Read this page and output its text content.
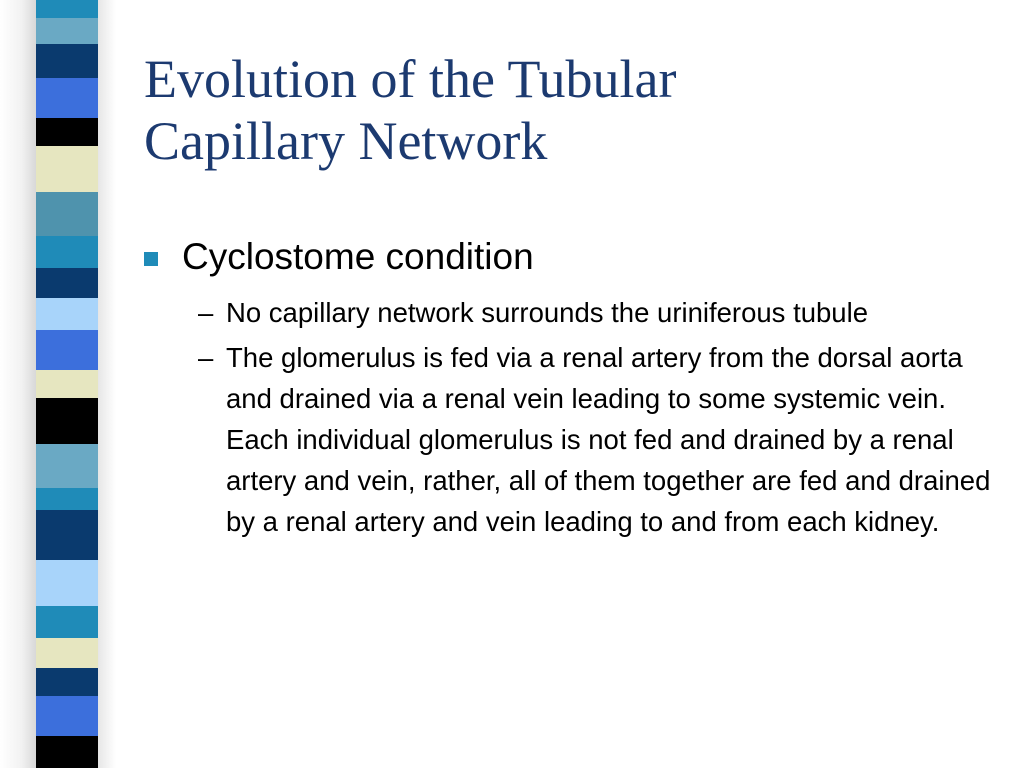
Evolution of the Tubular
Capillary Network
Cyclostome condition
– No capillary network surrounds the uriniferous tubule
– The glomerulus is fed via a renal artery from the dorsal aorta and drained via a renal vein leading to some systemic vein. Each individual glomerulus is not fed and drained by a renal artery and vein, rather, all of them together are fed and drained by a renal artery and vein leading to and from each kidney.
